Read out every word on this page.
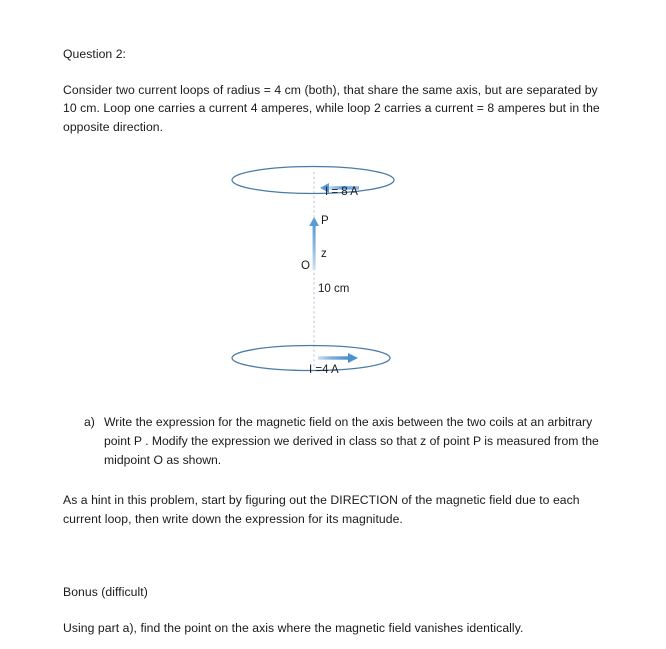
Question 2:

Consider two current loops of radius = 4 cm (both), that share the same axis, but are separated by 10 cm. Loop one carries a current 4 amperes, while loop 2 carries a current = 8 amperes but in the opposite direction.

I = 8 A
P
z
O
10 cm
I =4 A
a) Write the expression for the magnetic field on the axis between the two coils at an arbitrary point P . Modify the expression we derived in class so that z of point P is measured from the midpoint O as shown.

As a hint in this problem, start by figuring out the DIRECTION of the magnetic field due to each current loop, then write down the expression for its magnitude.

Bonus (difficult)

Using part a), find the point on the axis where the magnetic field vanishes identically.
